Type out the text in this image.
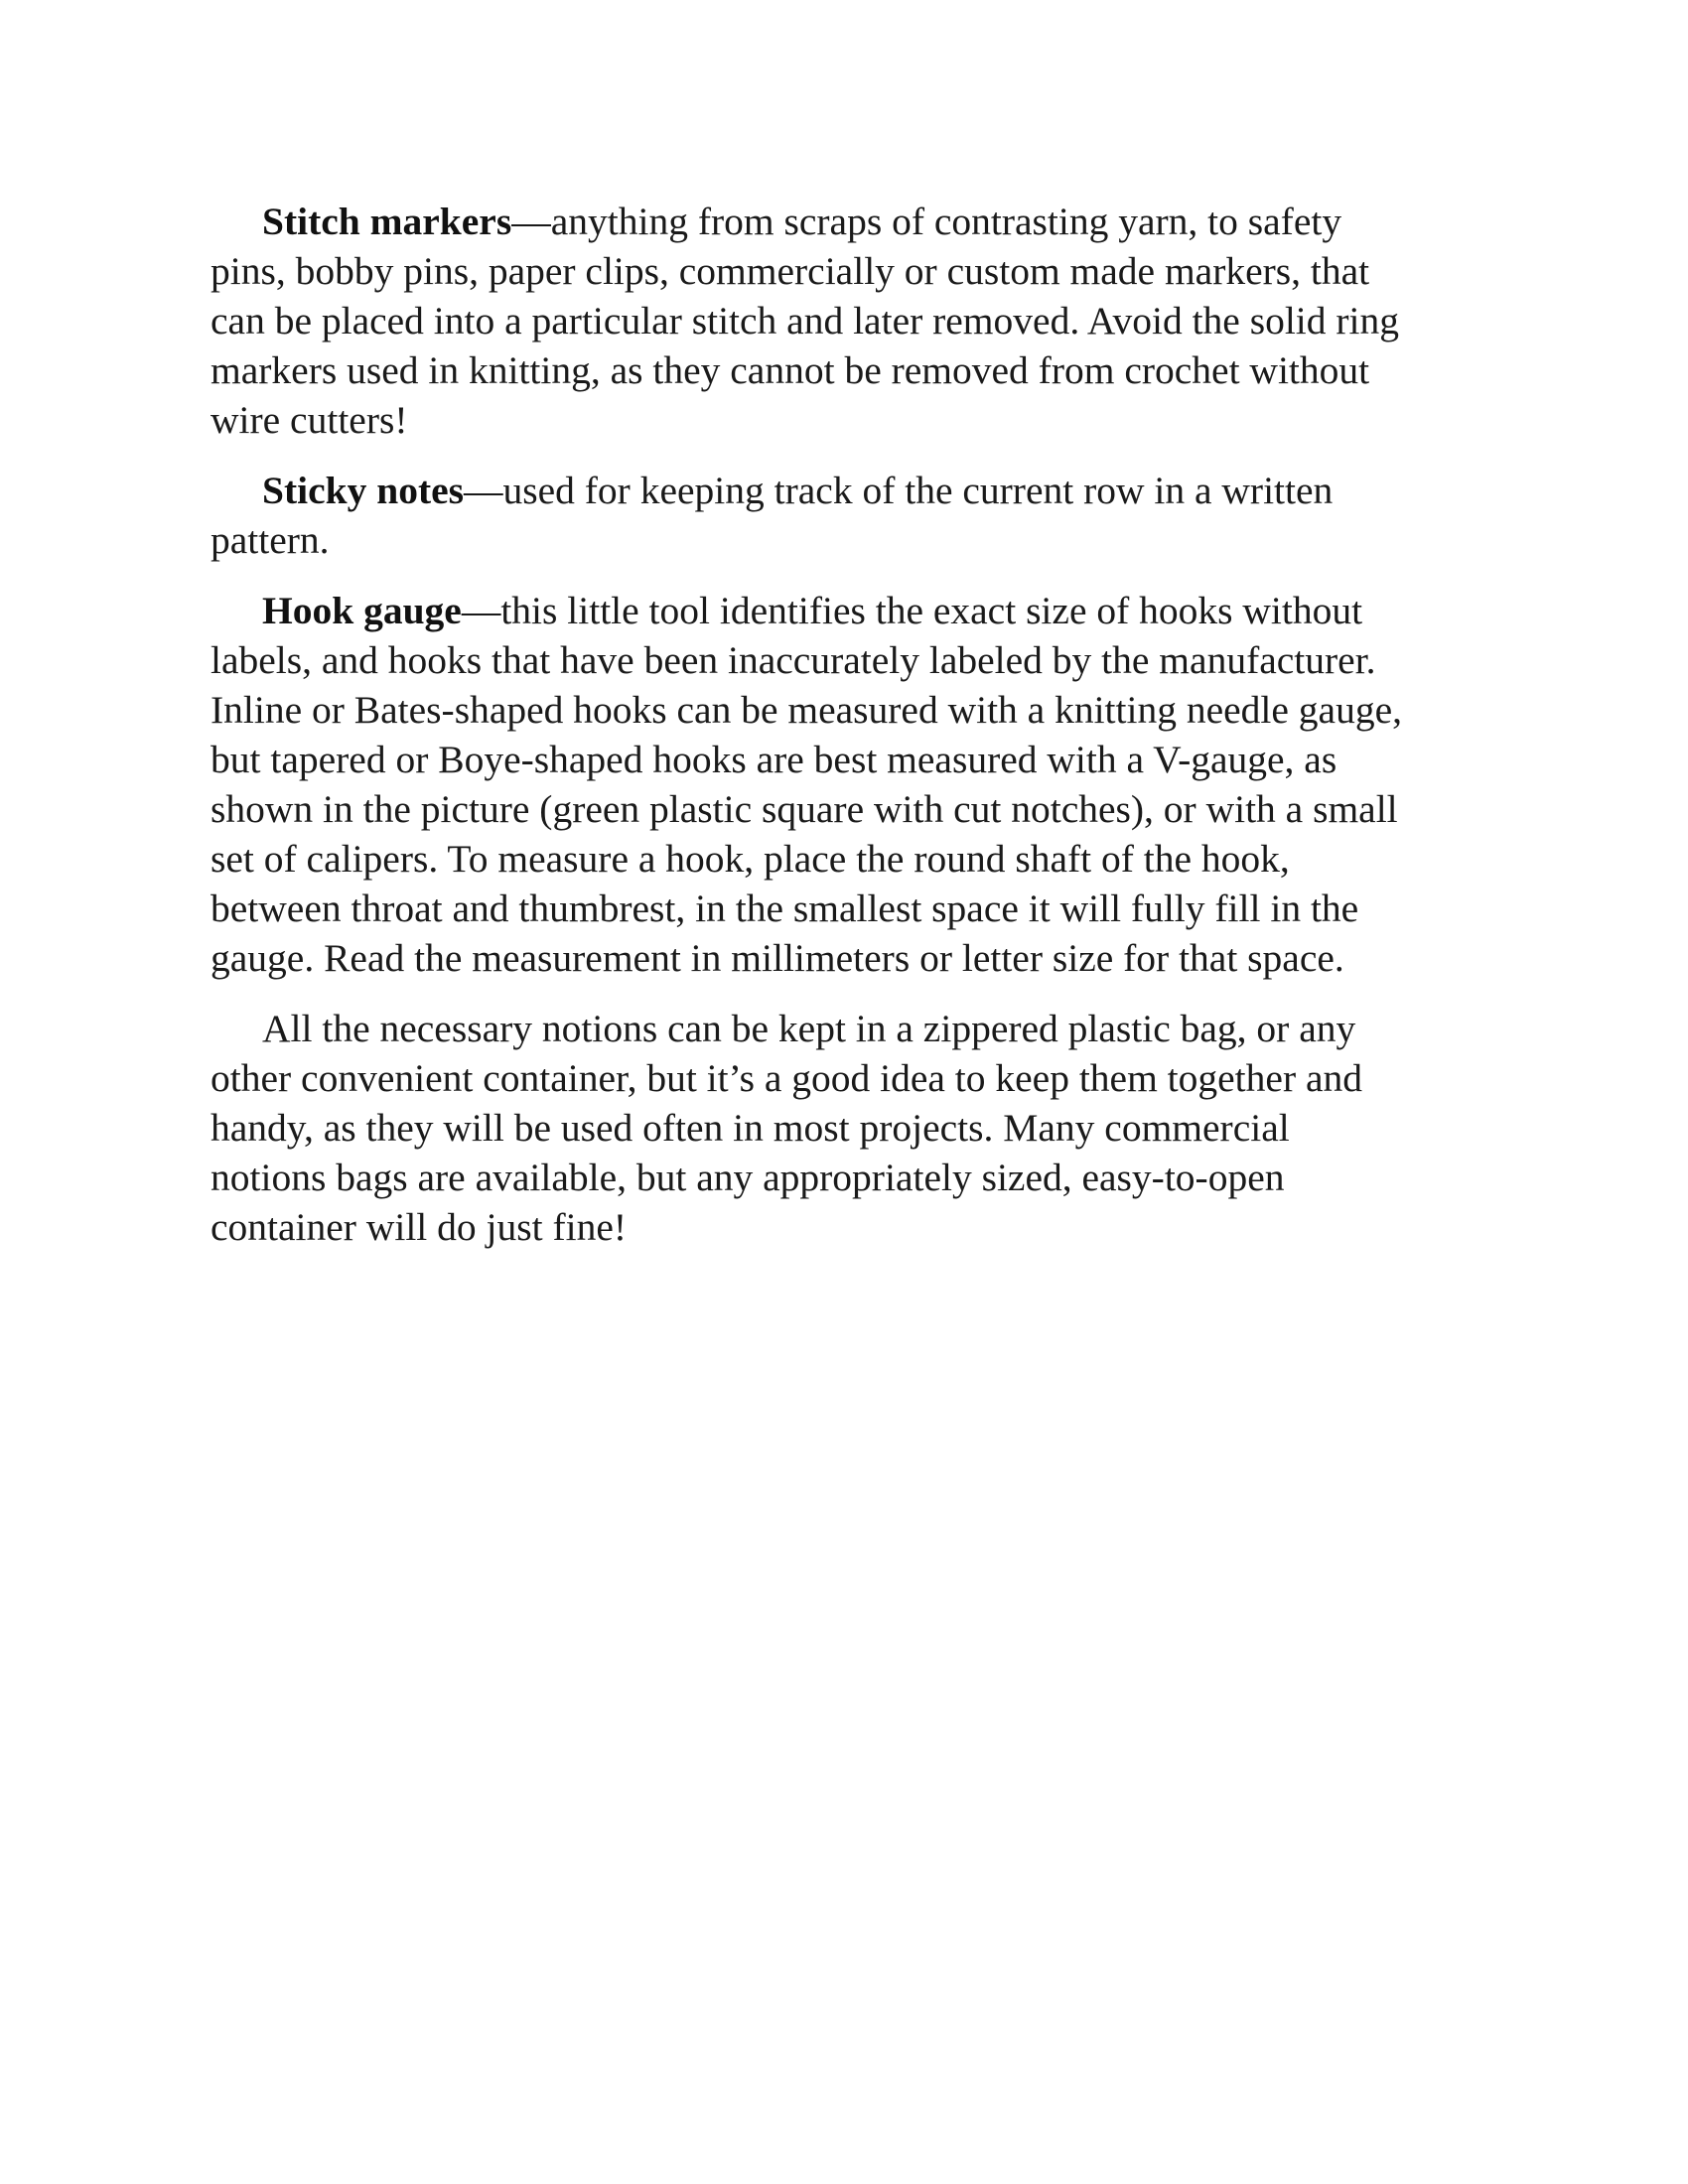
Stitch markers—anything from scraps of contrasting yarn, to safety
pins, bobby pins, paper clips, commercially or custom made markers, that
can be placed into a particular stitch and later removed. Avoid the solid ring
markers used in knitting, as they cannot be removed from crochet without
wire cutters!

Sticky notes—used for keeping track of the current row in a written
pattern.

Hook gauge—this little tool identifies the exact size of hooks without
labels, and hooks that have been inaccurately labeled by the manufacturer.
Inline or Bates-shaped hooks can be measured with a knitting needle gauge,
but tapered or Boye-shaped hooks are best measured with a V-gauge, as
shown in the picture (green plastic square with cut notches), or with a small
set of calipers. To measure a hook, place the round shaft of the hook,
between throat and thumbrest, in the smallest space it will fully fill in the
gauge. Read the measurement in millimeters or letter size for that space.

All the necessary notions can be kept in a zippered plastic bag, or any
other convenient container, but it’s a good idea to keep them together and
handy, as they will be used often in most projects. Many commercial
notions bags are available, but any appropriately sized, easy-to-open
container will do just fine!
